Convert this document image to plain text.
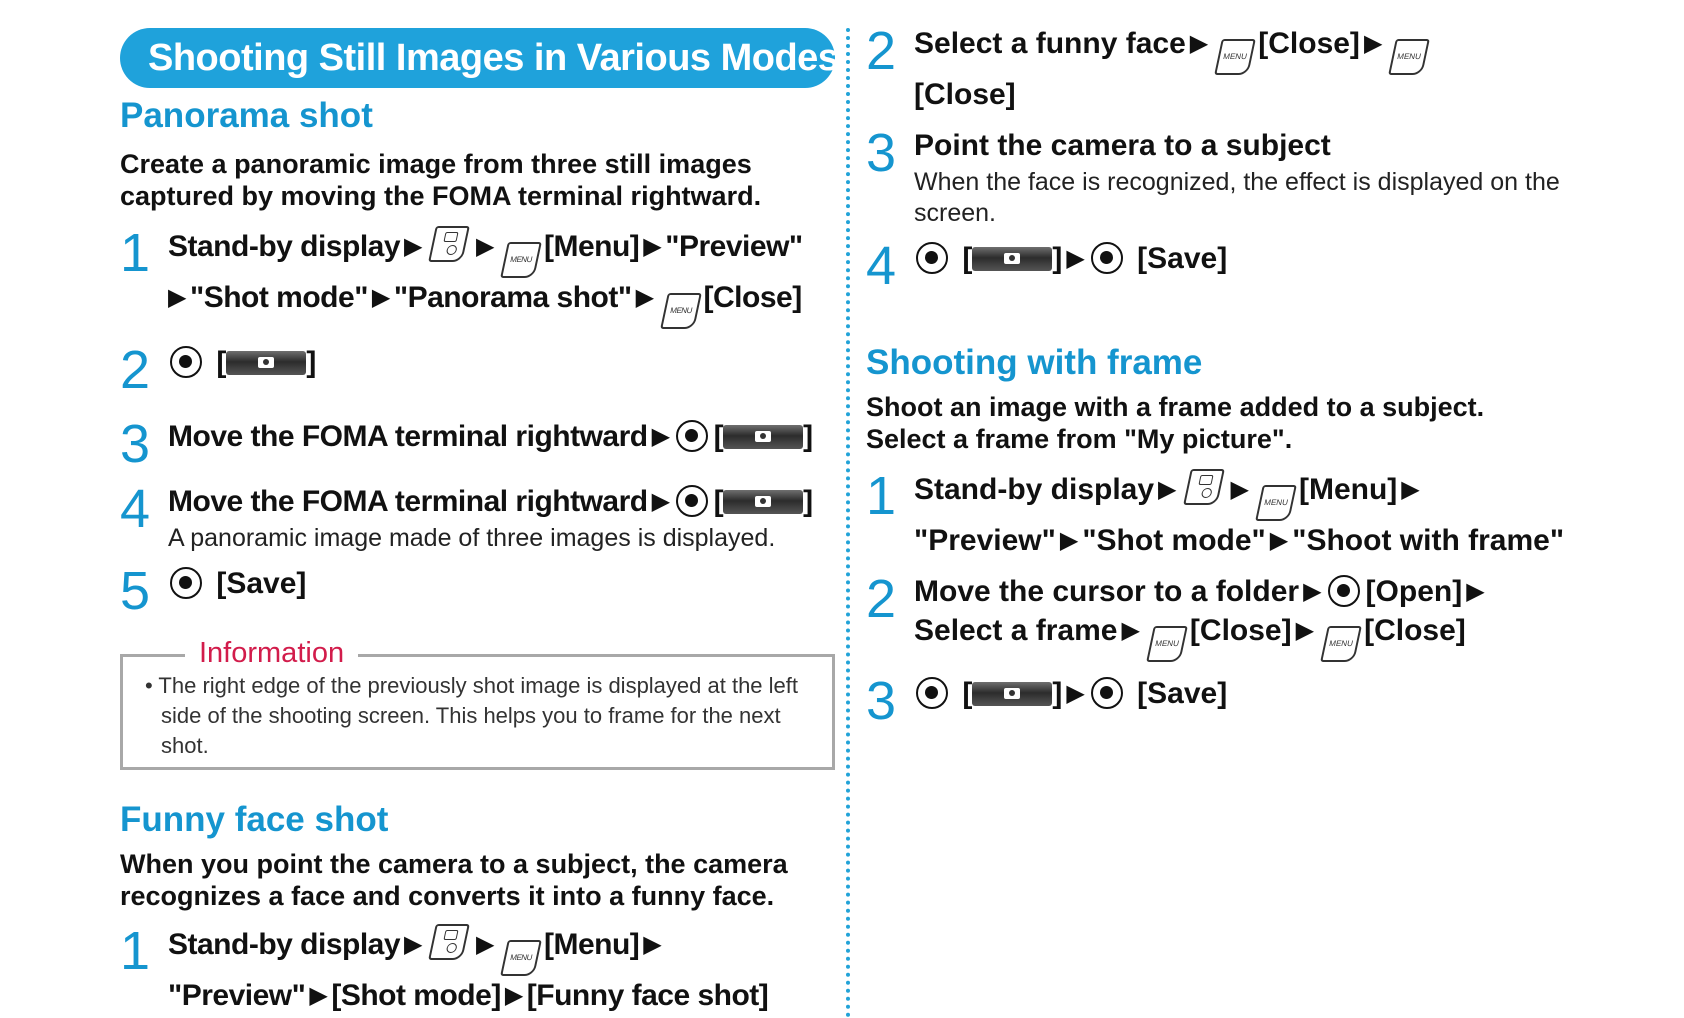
Shooting Still Images in Various Modes
Panorama shot

Create a panoramic image from three still images captured by moving the FOMA terminal rightward.

1 Stand-by display ▶ ▶ MENU [Menu] ▶ "Preview"
▶ "Shot mode" ▶ "Panorama shot" ▶ MENU [Close]
2	[	]
3 Move the FOMA terminal rightward ▶ [	]
4 Move the FOMA terminal rightward ▶ [	]
A panoramic image made of three images is displayed.
5	[Save]
Information
• The right edge of the previously shot image is displayed at the left side of the shooting screen. This helps you to frame for the next shot.
Funny face shot

When you point the camera to a subject, the camera recognizes a face and converts it into a funny face.

1 Stand-by display ▶ ▶ MENU [Menu] ▶
"Preview" ▶ [Shot mode] ▶ [Funny face shot]
2 Select a funny face ▶ MENU [Close] ▶ MENU
[Close]
3 Point the camera to a subject
When the face is recognized, the effect is displayed on the screen.
4	[	] ▶ [Save]
Shooting with frame

Shoot an image with a frame added to a subject. Select a frame from "My picture".

1 Stand-by display ▶ ▶ MENU [Menu] ▶
"Preview" ▶ "Shot mode" ▶ "Shoot with frame"
2 Move the cursor to a folder ▶ [Open] ▶
Select a frame ▶ MENU [Close] ▶ MENU [Close]
3	[	] ▶ [Save]
